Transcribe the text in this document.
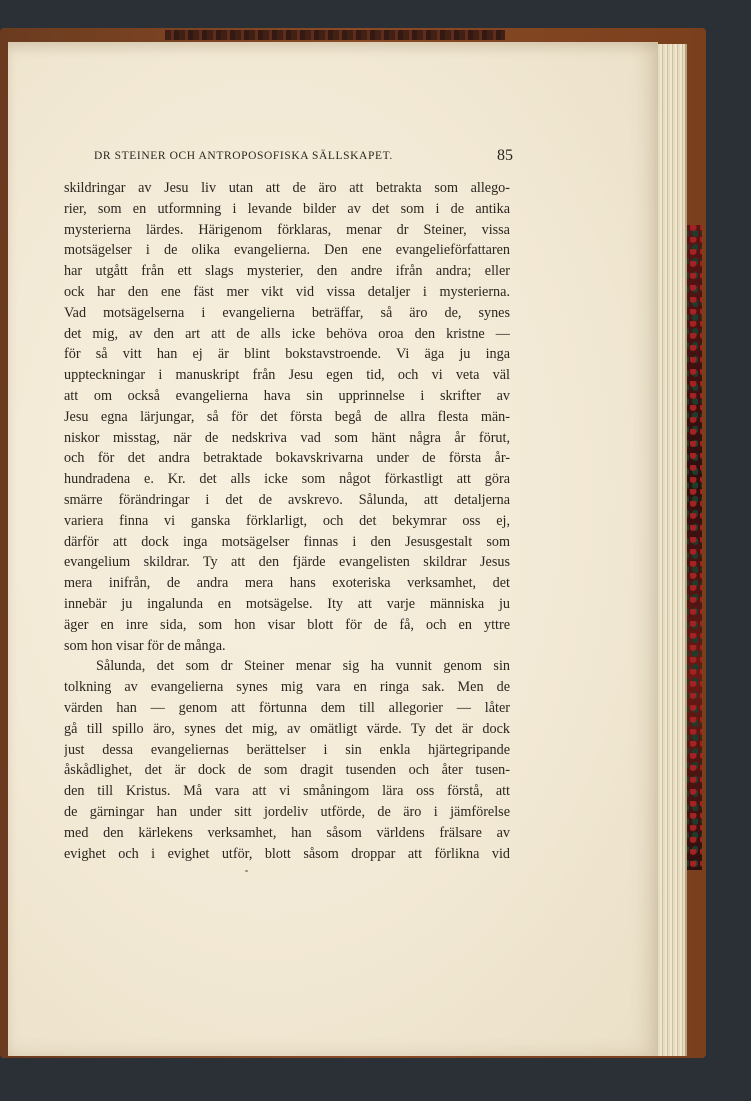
DR STEINER OCH ANTROPOSOFISKA SÄLLSKAPET.	85
skildringar av Jesu liv utan att de äro att betrakta som allego-
rier, som en utformning i levande bilder av det som i de antika
mysterierna lärdes. Härigenom förklaras, menar dr Steiner, vissa
motsägelser i de olika evangelierna. Den ene evangelieförfattaren
har utgått från ett slags mysterier, den andre ifrån andra; eller
ock har den ene fäst mer vikt vid vissa detaljer i mysterierna.
Vad motsägelserna i evangelierna beträffar, så äro de, synes
det mig, av den art att de alls icke behöva oroa den kristne —
för så vitt han ej är blint bokstavstroende. Vi äga ju inga
uppteckningar i manuskript från Jesu egen tid, och vi veta väl
att om också evangelierna hava sin upprinnelse i skrifter av
Jesu egna lärjungar, så för det första begå de allra flesta män-
niskor misstag, när de nedskriva vad som hänt några år förut,
och för det andra betraktade bokavskrivarna under de första år-
hundradena e. Kr. det alls icke som något förkastligt att göra
smärre förändringar i det de avskrevo. Sålunda, att detaljerna
variera finna vi ganska förklarligt, och det bekymrar oss ej,
därför att dock inga motsägelser finnas i den Jesusgestalt som
evangelium skildrar. Ty att den fjärde evangelisten skildrar Jesus
mera inifrån, de andra mera hans exoteriska verksamhet, det
innebär ju ingalunda en motsägelse. Ity att varje människa ju
äger en inre sida, som hon visar blott för de få, och en yttre
som hon visar för de många.
Sålunda, det som dr Steiner menar sig ha vunnit genom sin
tolkning av evangelierna synes mig vara en ringa sak. Men de
värden han — genom att förtunna dem till allegorier — låter
gå till spillo äro, synes det mig, av omätligt värde. Ty det är dock
just dessa evangeliernas berättelser i sin enkla hjärtegripande
åskådlighet, det är dock de som dragit tusenden och åter tusen-
den till Kristus. Må vara att vi småningom lära oss förstå, att
de gärningar han under sitt jordeliv utförde, de äro i jämförelse
med den kärlekens verksamhet, han såsom världens frälsare av
evighet och i evighet utför, blott såsom droppar att förlikna vid
